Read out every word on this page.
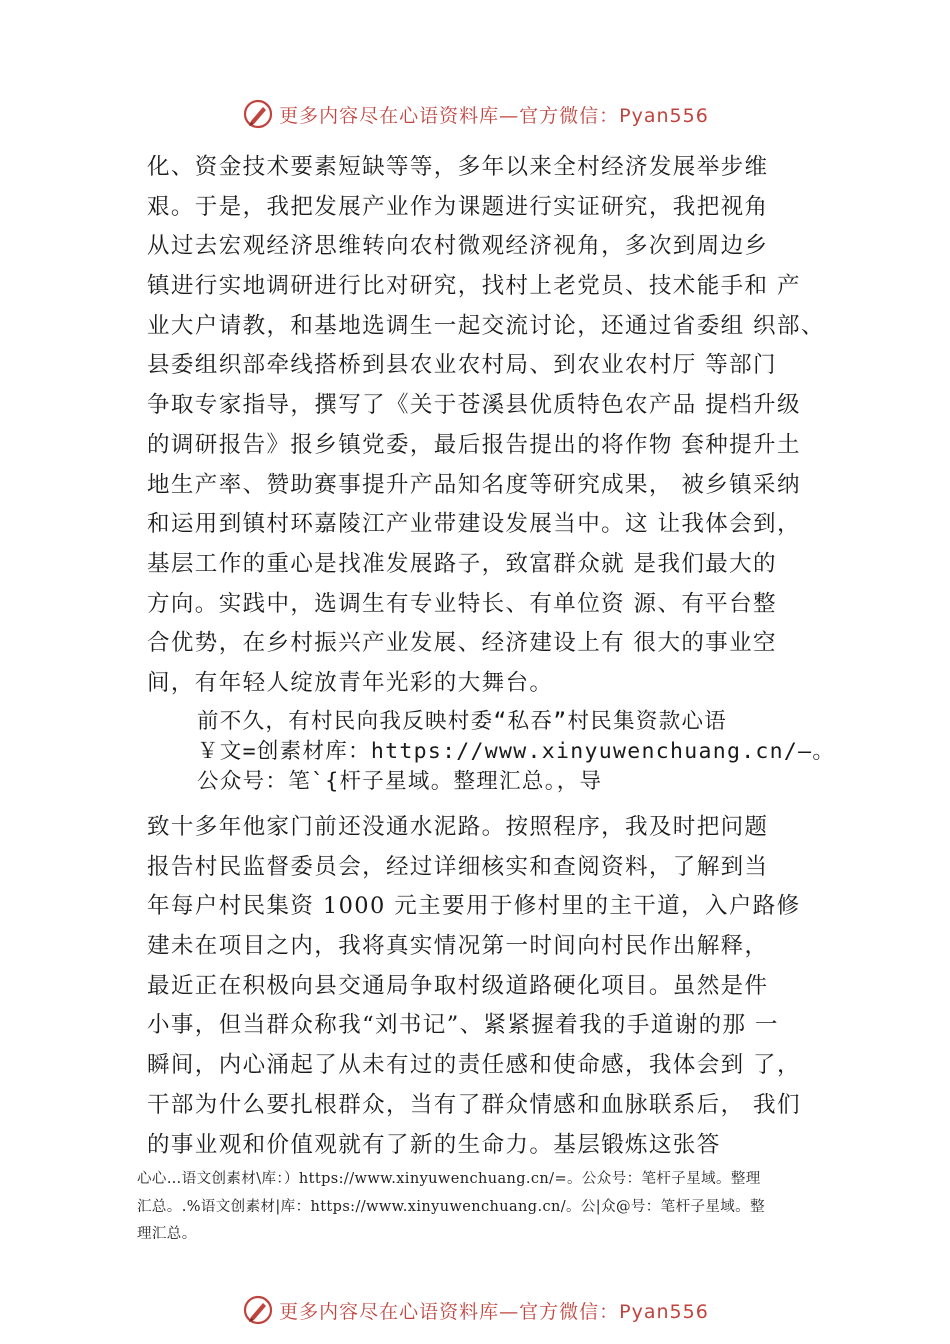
更多内容尽在心语资料库—官方微信：Pyan556
化、资金技术要素短缺等等，多年以来全村经济发展举步维
艰。于是，我把发展产业作为课题进行实证研究，我把视角
从过去宏观经济思维转向农村微观经济视角，多次到周边乡
镇进行实地调研进行比对研究，找村上老党员、技术能手和 产
业大户请教，和基地选调生一起交流讨论，还通过省委组 织部、
县委组织部牵线搭桥到县农业农村局、到农业农村厅 等部门
争取专家指导，撰写了《关于苍溪县优质特色农产品 提档升级
的调研报告》报乡镇党委，最后报告提出的将作物 套种提升土
地生产率、赞助赛事提升产品知名度等研究成果， 被乡镇采纳
和运用到镇村环嘉陵江产业带建设发展当中。这 让我体会到，
基层工作的重心是找准发展路子，致富群众就 是我们最大的
方向。实践中，选调生有专业特长、有单位资 源、有平台整
合优势，在乡村振兴产业发展、经济建设上有 很大的事业空
间，有年轻人绽放青年光彩的大舞台。
前不久，有村民向我反映村委“私吞”村民集资款心语
￥文=创素材库：https://www.xinyuwenchuang.cn/—。
公众号：笔`{杆子星域。整理汇总。，导
致十多年他家门前还没通水泥路。按照程序，我及时把问题
报告村民监督委员会，经过详细核实和查阅资料，了解到当
年每户村民集资 1000 元主要用于修村里的主干道，入户路修
建未在项目之内，我将真实情况第一时间向村民作出解释，
最近正在积极向县交通局争取村级道路硬化项目。虽然是件
小事，但当群众称我“刘书记”、紧紧握着我的手道谢的那 一
瞬间，内心涌起了从未有过的责任感和使命感，我体会到 了，
干部为什么要扎根群众，当有了群众情感和血脉联系后， 我们
的事业观和价值观就有了新的生命力。基层锻炼这张答
心心…语文创素材\库：）https://www.xinyuwenchuang.cn/=。公众号：笔杆子星域。整理
汇总。.%语文创素材|库：https://www.xinyuwenchuang.cn/。公|众@号：笔杆子星域。整
理汇总。
更多内容尽在心语资料库—官方微信：Pyan556
